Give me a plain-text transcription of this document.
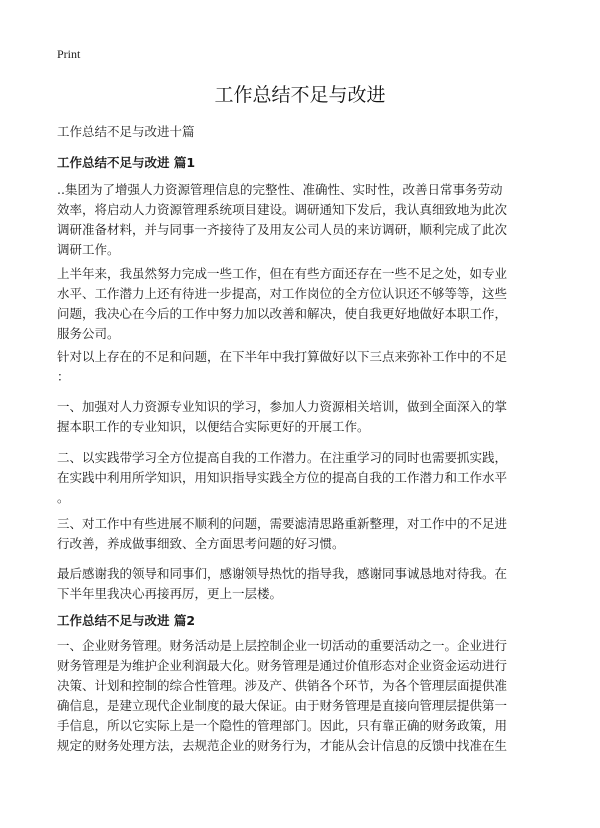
Print
工作总结不足与改进
工作总结不足与改进十篇
工作总结不足与改进 篇1

..集团为了增强人力资源管理信息的完整性、准确性、实时性，改善日常事务劳动
效率，将启动人力资源管理系统项目建设。调研通知下发后，我认真细致地为此次
调研准备材料，并与同事一齐接待了及用友公司人员的来访调研，顺利完成了此次
调研工作。

上半年来，我虽然努力完成一些工作，但在有些方面还存在一些不足之处，如专业
水平、工作潜力上还有待进一步提高，对工作岗位的全方位认识还不够等等，这些
问题，我决心在今后的工作中努力加以改善和解决，使自我更好地做好本职工作，
服务公司。

针对以上存在的不足和问题，在下半年中我打算做好以下三点来弥补工作中的不足
：

一、加强对人力资源专业知识的学习，参加人力资源相关培训，做到全面深入的掌
握本职工作的专业知识，以便结合实际更好的开展工作。

二、以实践带学习全方位提高自我的工作潜力。在注重学习的同时也需要抓实践，
在实践中利用所学知识，用知识指导实践全方位的提高自我的工作潜力和工作水平
。

三、对工作中有些进展不顺利的问题，需要滤清思路重新整理，对工作中的不足进
行改善，养成做事细致、全方面思考问题的好习惯。

最后感谢我的领导和同事们，感谢领导热忱的指导我，感谢同事诚恳地对待我。在
下半年里我决心再接再厉，更上一层楼。

工作总结不足与改进 篇2

一、企业财务管理。财务活动是上层控制企业一切活动的重要活动之一。企业进行
财务管理是为维护企业利润最大化。财务管理是通过价值形态对企业资金运动进行
决策、计划和控制的综合性管理。涉及产、供销各个环节，为各个管理层面提供准
确信息，是建立现代企业制度的最大保证。由于财务管理是直接向管理层提供第一
手信息，所以它实际上是一个隐性的管理部门。因此，只有靠正确的财务政策，用
规定的财务处理方法，去规范企业的财务行为，才能从会计信息的反馈中找准在生
